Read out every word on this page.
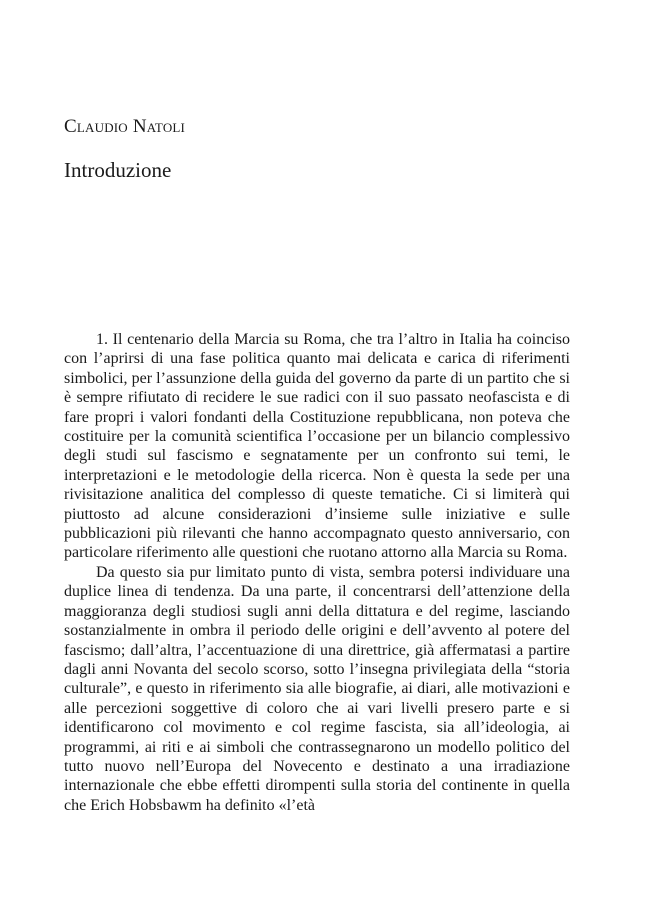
Claudio Natoli
Introduzione

1. Il centenario della Marcia su Roma, che tra l’altro in Italia ha coinciso con l’aprirsi di una fase politica quanto mai delicata e carica di riferimenti simbolici, per l’assunzione della guida del governo da parte di un partito che si è sempre rifiutato di recidere le sue radici con il suo passato neofascista e di fare propri i valori fondanti della Costituzione repubblicana, non poteva che costituire per la comunità scientifica l’occasione per un bilancio complessivo degli studi sul fascismo e segnatamente per un confronto sui temi, le interpretazioni e le metodologie della ricerca. Non è questa la sede per una rivisitazione analitica del complesso di queste tematiche. Ci si limiterà qui piuttosto ad alcune considerazioni d’insieme sulle iniziative e sulle pubblicazioni più rilevanti che hanno accompagnato questo anniversario, con particolare riferimento alle questioni che ruotano attorno alla Marcia su Roma.

Da questo sia pur limitato punto di vista, sembra potersi individuare una duplice linea di tendenza. Da una parte, il concentrarsi dell’attenzione della maggioranza degli studiosi sugli anni della dittatura e del regime, lasciando sostanzialmente in ombra il periodo delle origini e dell’avvento al potere del fascismo; dall’altra, l’accentuazione di una direttrice, già affermatasi a partire dagli anni Novanta del secolo scorso, sotto l’insegna privilegiata della “storia culturale”, e questo in riferimento sia alle biografie, ai diari, alle motivazioni e alle percezioni soggettive di coloro che ai vari livelli presero parte e si identificarono col movimento e col regime fascista, sia all’ideologia, ai programmi, ai riti e ai simboli che contrassegnarono un modello politico del tutto nuovo nell’Europa del Novecento e destinato a una irradiazione internazionale che ebbe effetti dirompenti sulla storia del continente in quella che Erich Hobsbawm ha definito «l’età
